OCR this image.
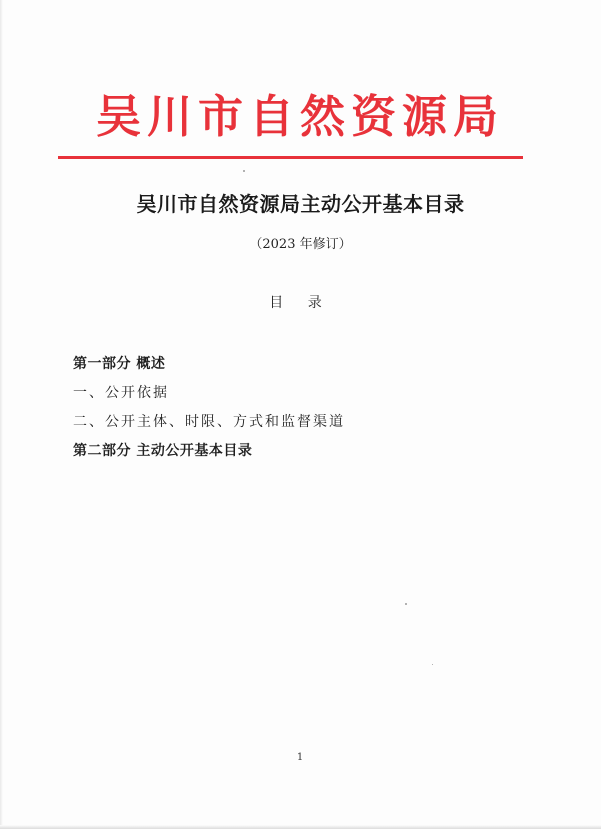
吴川市自然资源局
吴川市自然资源局主动公开基本目录
（2023 年修订）
目 录
第一部分 概述
一、公开依据
二、公开主体、时限、方式和监督渠道
第二部分 主动公开基本目录
1
